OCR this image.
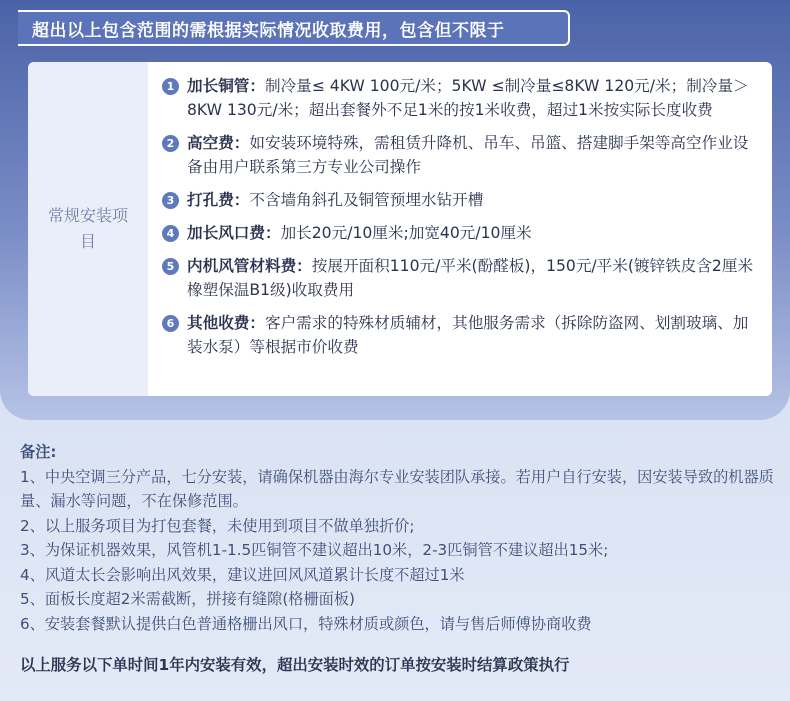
超出以上包含范围的需根据实际情况收取费用，包含但不限于
常规安装项目
1 加长铜管：制冷量≤ 4KW 100元/米；5KW ≤制冷量≤8KW 120元/米；制冷量＞8KW 130元/米；超出套餐外不足1米的按1米收费，超过1米按实际长度收费
2 高空费：如安装环境特殊，需租赁升降机、吊车、吊篮、搭建脚手架等高空作业设备由用户联系第三方专业公司操作
3 打孔费：不含墙角斜孔及铜管预埋水钻开槽
4 加长风口费：加长20元/10厘米;加宽40元/10厘米
5 内机风管材料费：按展开面积110元/平米(酚醛板)，150元/平米(镀锌铁皮含2厘米橡塑保温B1级)收取费用
6 其他收费：客户需求的特殊材质辅材，其他服务需求（拆除防盗网、划割玻璃、加装水泵）等根据市价收费
备注:
1、中央空调三分产品，七分安装，请确保机器由海尔专业安装团队承接。若用户自行安装，因安装导致的机器质量、漏水等问题，不在保修范围。
2、以上服务项目为打包套餐，未使用到项目不做单独折价;
3、为保证机器效果，风管机1-1.5匹铜管不建议超出10米，2-3匹铜管不建议超出15米;
4、风道太长会影响出风效果，建议进回风风道累计长度不超过1米
5、面板长度超2米需截断，拼接有缝隙(格栅面板)
6、安装套餐默认提供白色普通格栅出风口，特殊材质或颜色，请与售后师傅协商收费
以上服务以下单时间1年内安装有效，超出安装时效的订单按安装时结算政策执行
